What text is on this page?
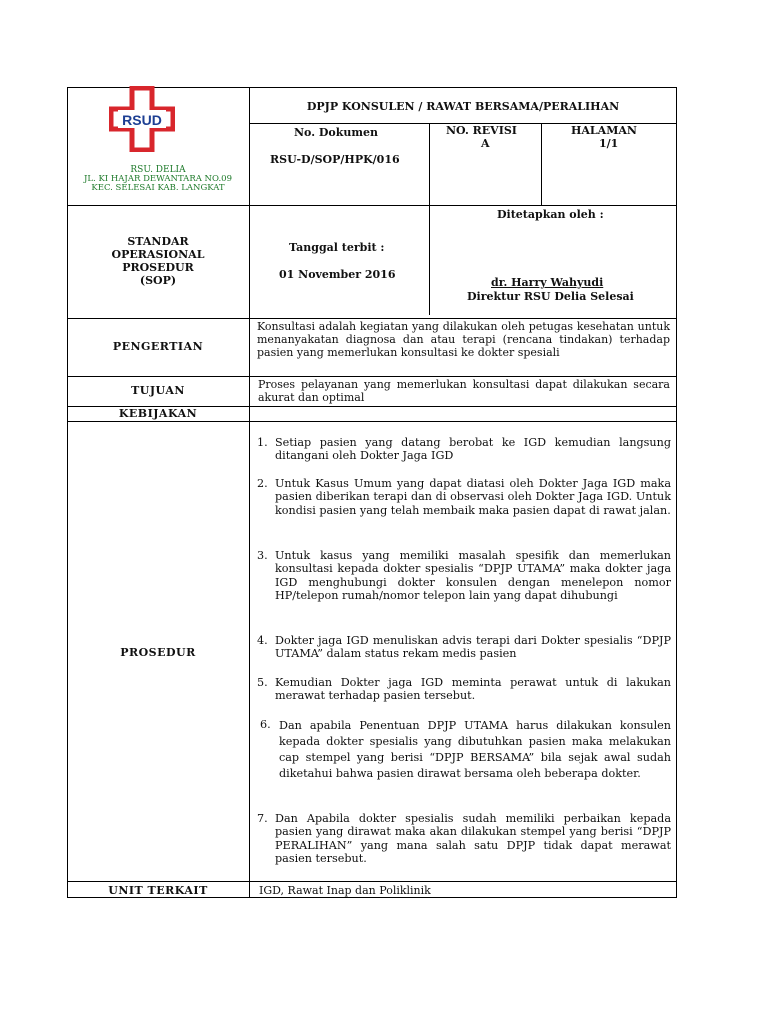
RSUD
RSU. DELIA
JL. KI HAJAR DEWANTARA NO.09
KEC. SELESAI KAB. LANGKAT
DPJP KONSULEN / RAWAT BERSAMA/PERALIHAN
No. Dokumen
RSU-D/SOP/HPK/016
NO. REVISI
A
HALAMAN
1/1
STANDAR
OPERASIONAL
PROSEDUR
(SOP)
Tanggal terbit :
01 November 2016
Ditetapkan oleh :
dr. Harry Wahyudi
Direktur RSU Delia Selesai
PENGERTIAN
Konsultasi adalah kegiatan yang dilakukan oleh petugas kesehatan untuk menanyakatan diagnosa dan atau terapi (rencana tindakan) terhadap pasien yang memerlukan konsultasi ke dokter spesiali
TUJUAN	Proses pelayanan yang memerlukan konsultasi dapat dilakukan secara akurat dan optimal
KEBIJAKAN
PROSEDUR
1. Setiap pasien yang datang berobat ke IGD kemudian langsung ditangani oleh Dokter Jaga IGD
2. Untuk Kasus Umum yang dapat diatasi oleh Dokter Jaga IGD maka pasien diberikan terapi dan di observasi oleh Dokter Jaga IGD. Untuk kondisi pasien yang telah membaik maka pasien dapat di rawat jalan.
3. Untuk kasus yang memiliki masalah spesifik dan memerlukan konsultasi kepada dokter spesialis “DPJP UTAMA” maka dokter jaga IGD menghubungi dokter konsulen dengan menelepon nomor HP/telepon rumah/nomor telepon lain yang dapat dihubungi
4. Dokter jaga IGD menuliskan advis terapi dari Dokter spesialis “DPJP UTAMA” dalam status rekam medis pasien
5. Kemudian Dokter jaga IGD meminta perawat untuk di lakukan merawat terhadap pasien tersebut.
6. Dan apabila Penentuan DPJP UTAMA harus dilakukan konsulen kepada dokter spesialis yang dibutuhkan pasien maka melakukan cap stempel yang berisi “DPJP BERSAMA” bila sejak awal sudah diketahui bahwa pasien dirawat bersama oleh beberapa dokter.
7. Dan Apabila dokter spesialis sudah memiliki perbaikan kepada pasien yang dirawat maka akan dilakukan stempel yang berisi “DPJP PERALIHAN” yang mana salah satu DPJP tidak dapat merawat pasien tersebut.
UNIT TERKAIT	IGD, Rawat Inap dan Poliklinik
